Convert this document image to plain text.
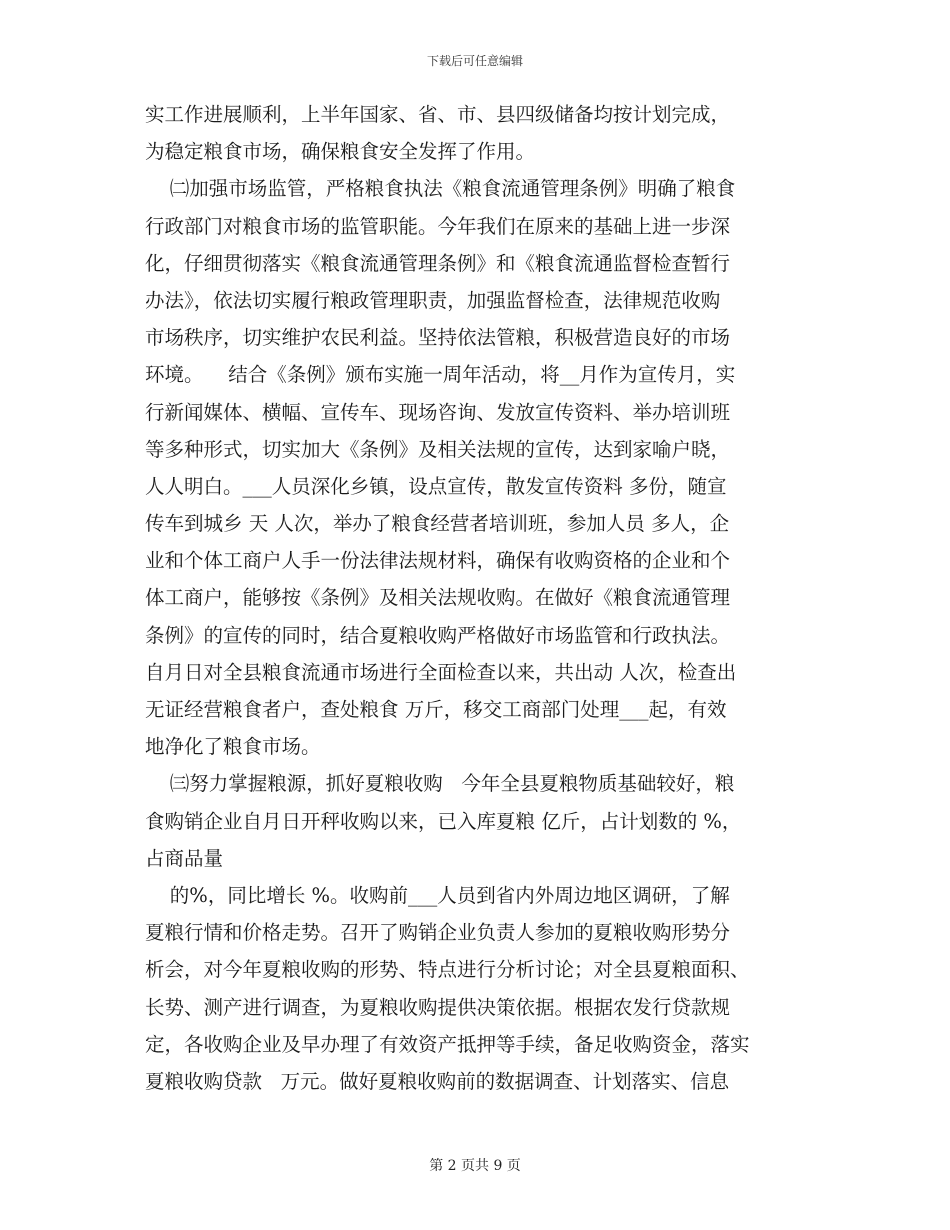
下载后可任意编辑
实工作进展顺利，上半年国家、省、市、县四级储备均按计划完成，
为稳定粮食市场，确保粮食安全发挥了作用。
㈡加强市场监管，严格粮食执法《粮食流通管理条例》明确了粮食
行政部门对粮食市场的监管职能。今年我们在原来的基础上进一步深
化，仔细贯彻落实《粮食流通管理条例》和《粮食流通监督检查暂行
办法》，依法切实履行粮政管理职责，加强监督检查，法律规范收购
市场秩序，切实维护农民利益。坚持依法管粮，积极营造良好的市场
环境。    结合《条例》颁布实施一周年活动，将__月作为宣传月，实
行新闻媒体、横幅、宣传车、现场咨询、发放宣传资料、举办培训班
等多种形式，切实加大《条例》及相关法规的宣传，达到家喻户晓，
人人明白。___人员深化乡镇，设点宣传，散发宣传资料 多份，随宣
传车到城乡 天 人次，举办了粮食经营者培训班，参加人员 多人，企
业和个体工商户人手一份法律法规材料，确保有收购资格的企业和个
体工商户，能够按《条例》及相关法规收购。在做好《粮食流通管理
条例》的宣传的同时，结合夏粮收购严格做好市场监管和行政执法。
自月日对全县粮食流通市场进行全面检查以来，共出动 人次，检查出
无证经营粮食者户，查处粮食 万斤，移交工商部门处理___起，有效
地净化了粮食市场。
㈢努力掌握粮源，抓好夏粮收购   今年全县夏粮物质基础较好，粮
食购销企业自月日开秤收购以来，已入库夏粮 亿斤，占计划数的 %，
占商品量
的%，同比增长 %。收购前___人员到省内外周边地区调研，了解
夏粮行情和价格走势。召开了购销企业负责人参加的夏粮收购形势分
析会，对今年夏粮收购的形势、特点进行分析讨论；对全县夏粮面积、
长势、测产进行调查，为夏粮收购提供决策依据。根据农发行贷款规
定，各收购企业及早办理了有效资产抵押等手续，备足收购资金，落实
夏粮收购贷款   万元。做好夏粮收购前的数据调查、计划落实、信息
第 2 页共 9 页
